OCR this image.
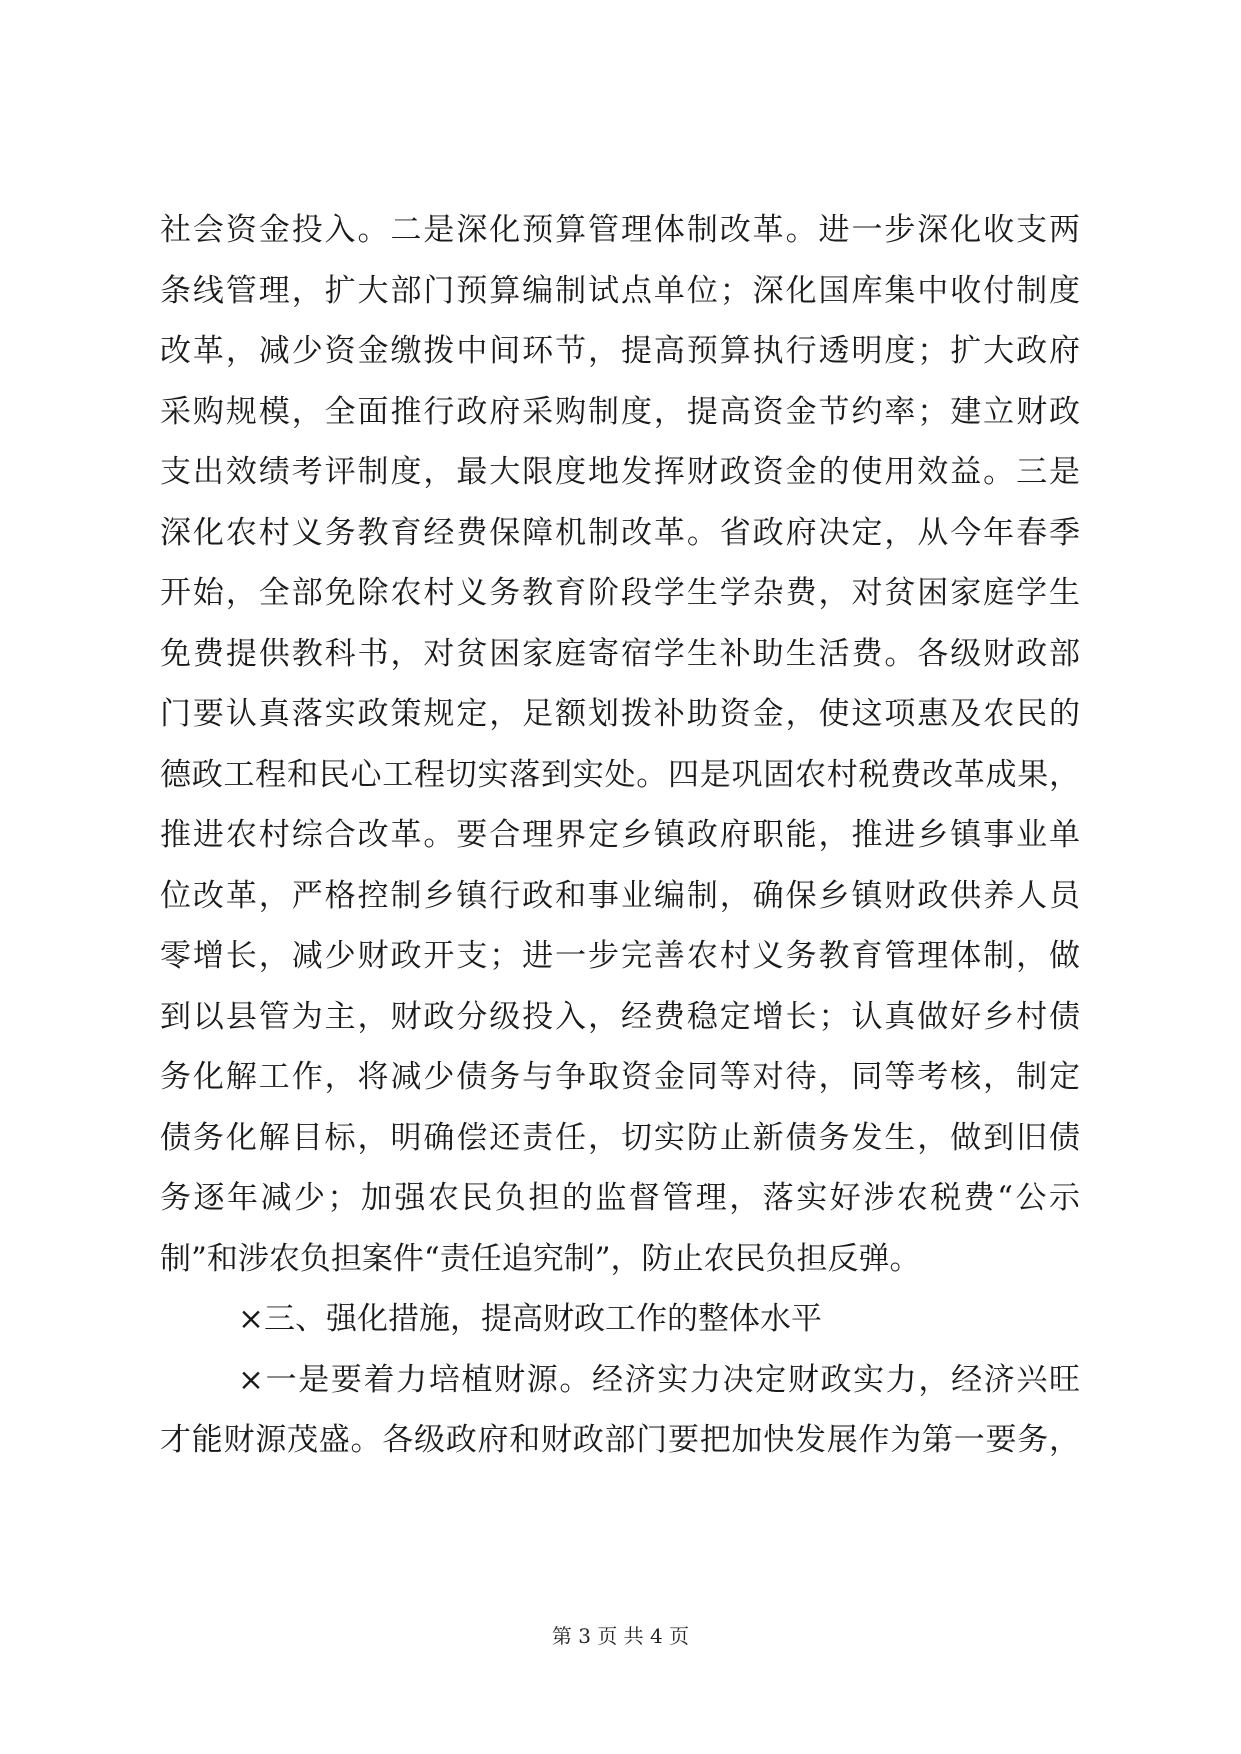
社会资金投入。二是深化预算管理体制改革。进一步深化收支两
条线管理，扩大部门预算编制试点单位；深化国库集中收付制度
改革，减少资金缴拨中间环节，提高预算执行透明度；扩大政府
采购规模，全面推行政府采购制度，提高资金节约率；建立财政
支出效绩考评制度，最大限度地发挥财政资金的使用效益。三是
深化农村义务教育经费保障机制改革。省政府决定，从今年春季
开始，全部免除农村义务教育阶段学生学杂费，对贫困家庭学生
免费提供教科书，对贫困家庭寄宿学生补助生活费。各级财政部
门要认真落实政策规定，足额划拨补助资金，使这项惠及农民的
德政工程和民心工程切实落到实处。四是巩固农村税费改革成果，
推进农村综合改革。要合理界定乡镇政府职能，推进乡镇事业单
位改革，严格控制乡镇行政和事业编制，确保乡镇财政供养人员
零增长，减少财政开支；进一步完善农村义务教育管理体制，做
到以县管为主，财政分级投入，经费稳定增长；认真做好乡村债
务化解工作，将减少债务与争取资金同等对待，同等考核，制定
债务化解目标，明确偿还责任，切实防止新债务发生，做到旧债
务逐年减少；加强农民负担的监督管理，落实好涉农税费“公示
制”和涉农负担案件“责任追究制”，防止农民负担反弹。
×三、强化措施，提高财政工作的整体水平
×一是要着力培植财源。经济实力决定财政实力，经济兴旺
才能财源茂盛。各级政府和财政部门要把加快发展作为第一要务，
第 3 页 共 4 页
